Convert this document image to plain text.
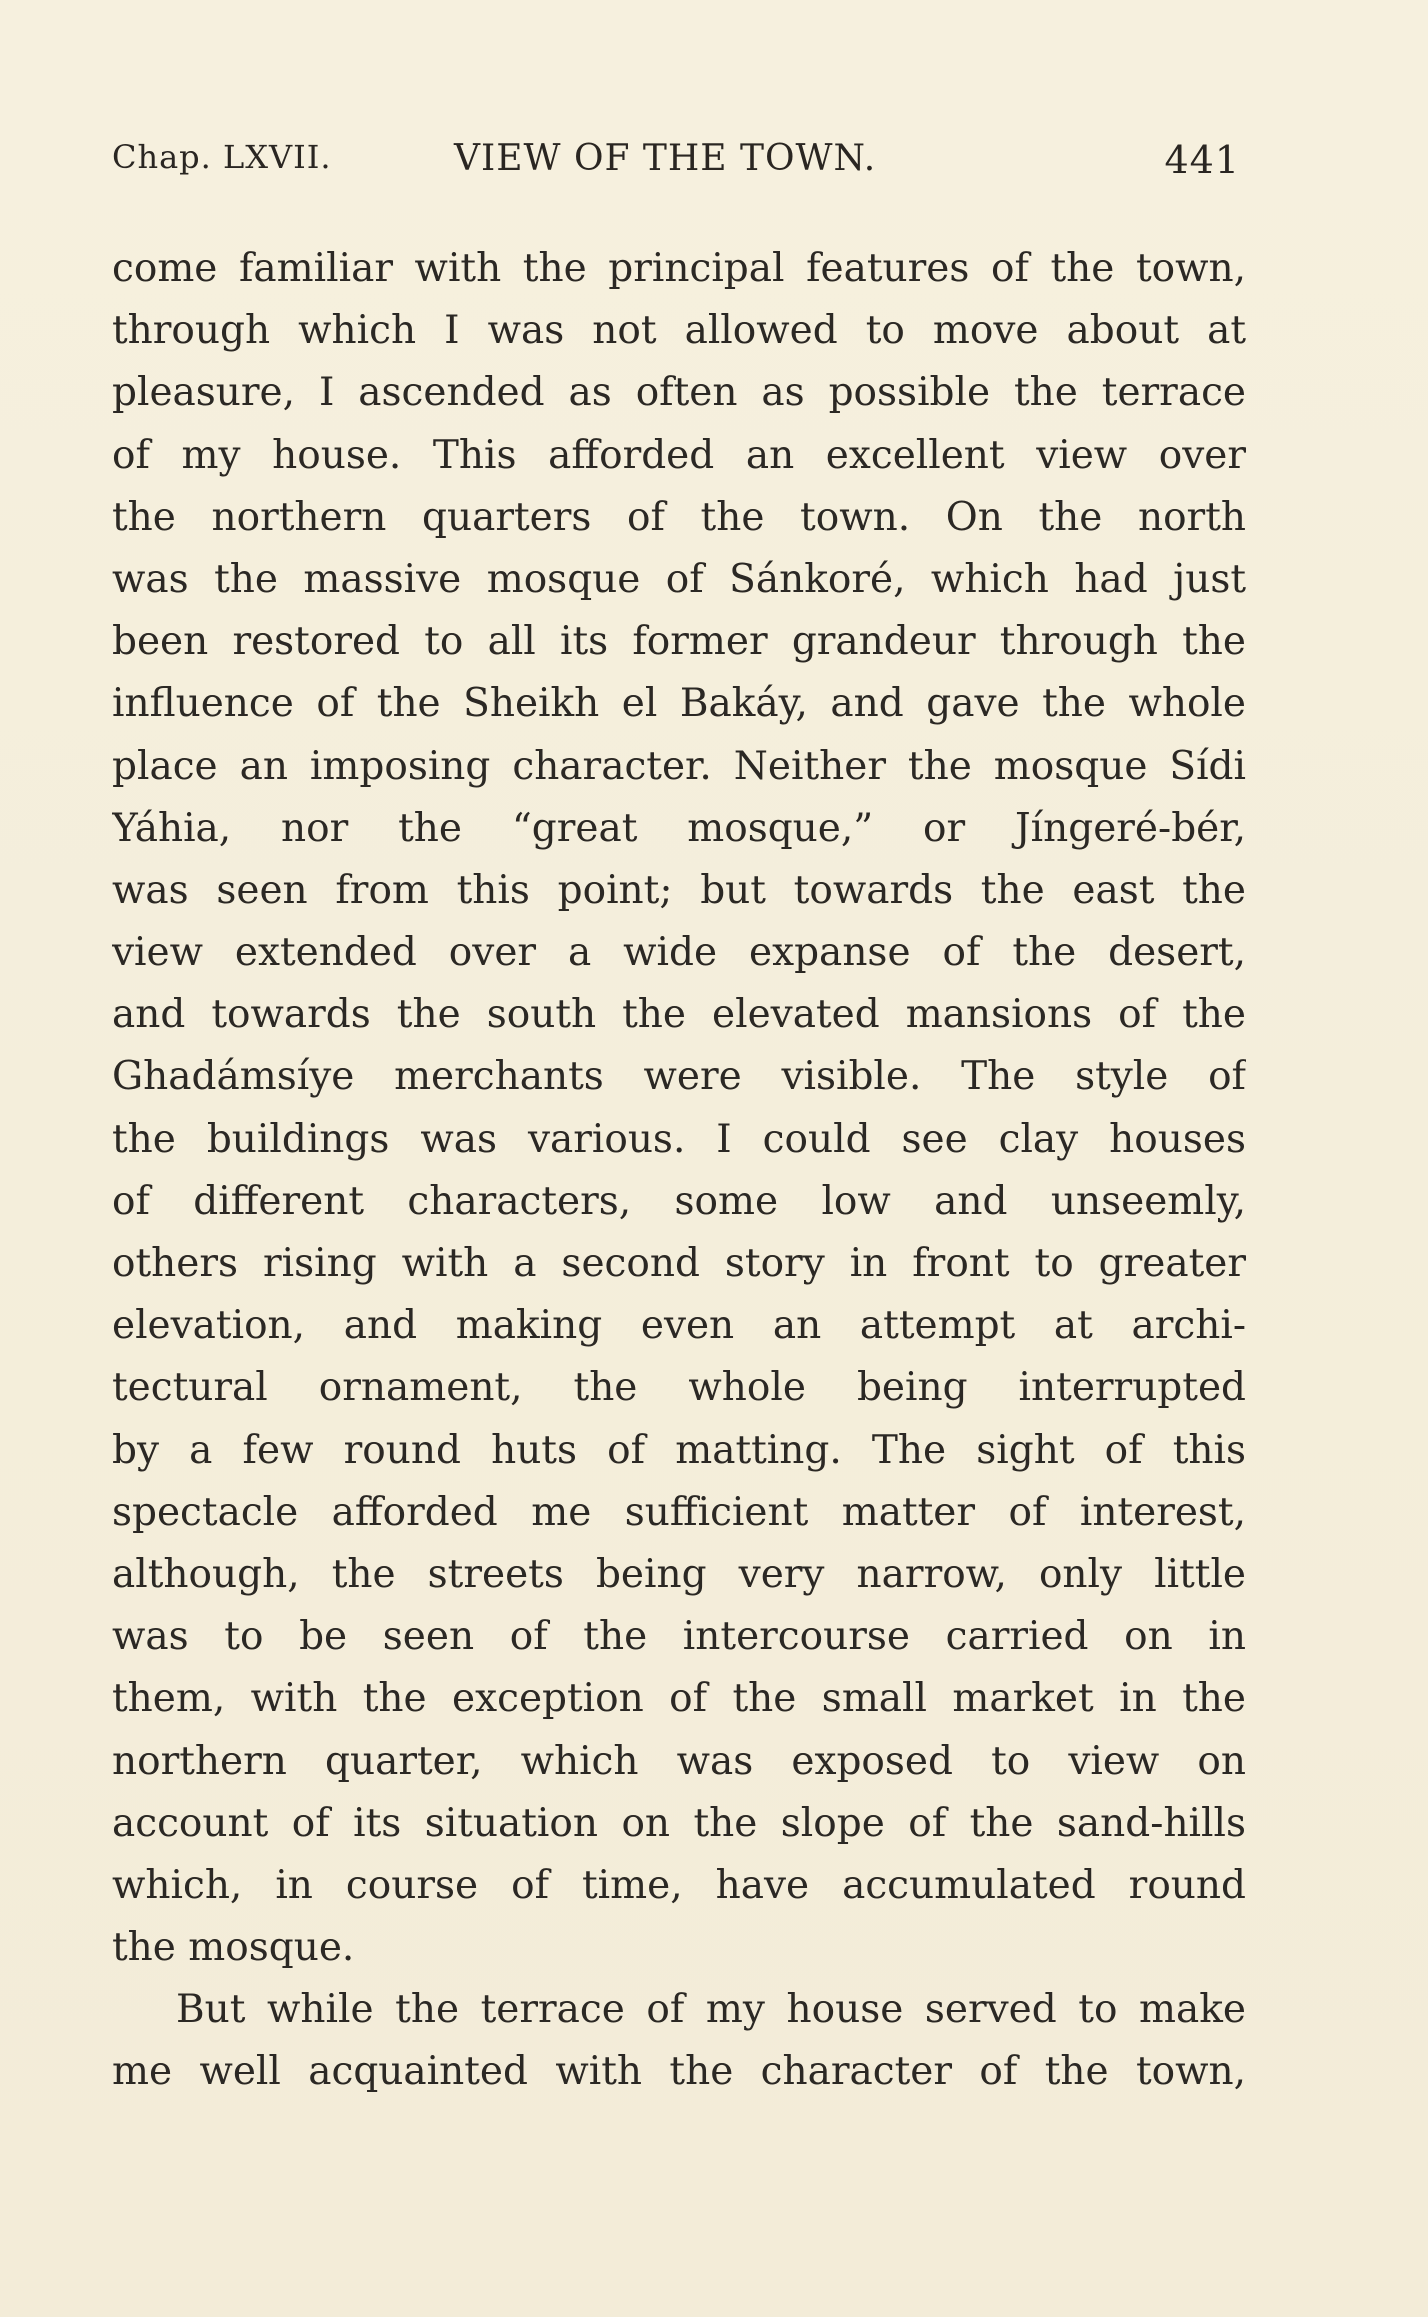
Chap. LXVII.	VIEW OF THE TOWN.	441
come familiar with the principal features of the town,
through which I was not allowed to move about at
pleasure, I ascended as often as possible the terrace
of my house. This afforded an excellent view over
the northern quarters of the town. On the north
was the massive mosque of Sánkoré, which had just
been restored to all its former grandeur through the
influence of the Sheikh el Bakáy, and gave the whole
place an imposing character. Neither the mosque Sídi
Yáhia, nor the “great mosque,” or Jíngeré-bér,
was seen from this point; but towards the east the
view extended over a wide expanse of the desert,
and towards the south the elevated mansions of the
Ghadámsíye merchants were visible. The style of
the buildings was various. I could see clay houses
of different characters, some low and unseemly,
others rising with a second story in front to greater
elevation, and making even an attempt at archi-
tectural ornament, the whole being interrupted
by a few round huts of matting. The sight of this
spectacle afforded me sufficient matter of interest,
although, the streets being very narrow, only little
was to be seen of the intercourse carried on in
them, with the exception of the small market in the
northern quarter, which was exposed to view on
account of its situation on the slope of the sand-hills
which, in course of time, have accumulated round
the mosque.
But while the terrace of my house served to make
me well acquainted with the character of the town,
